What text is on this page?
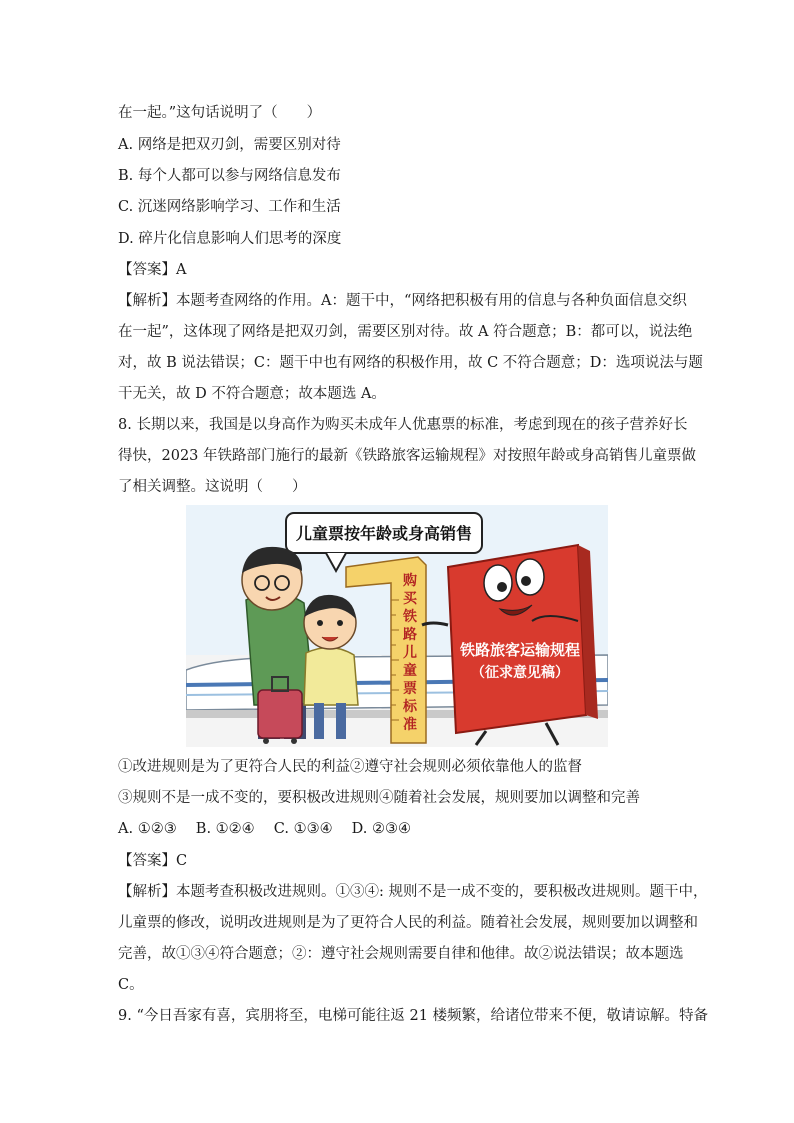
在一起。”这句话说明了（　　）
A. 网络是把双刃剑，需要区别对待
B. 每个人都可以参与网络信息发布
C. 沉迷网络影响学习、工作和生活
D. 碎片化信息影响人们思考的深度
【答案】A
【解析】本题考查网络的作用。A：题干中，“网络把积极有用的信息与各种负面信息交织
在一起”，这体现了网络是把双刃剑，需要区别对待。故 A 符合题意；B：都可以，说法绝
对，故 B 说法错误；C：题干中也有网络的积极作用，故 C 不符合题意；D：选项说法与题
干无关，故 D 不符合题意；故本题选 A。
8. 长期以来，我国是以身高作为购买未成年人优惠票的标准，考虑到现在的孩子营养好长
得快，2023 年铁路部门施行的最新《铁路旅客运输规程》对按照年龄或身高销售儿童票做
了相关调整。这说明（　　）
儿童票按年龄或身高销售
购
买
铁
路
儿
童
票
标
准
铁路旅客运输规程
（征求意见稿）
①改进规则是为了更符合人民的利益②遵守社会规则必须依靠他人的监督
③规则不是一成不变的，要积极改进规则④随着社会发展，规则要加以调整和完善
A. ①②③　 B. ①②④　 C. ①③④　 D. ②③④
【答案】C
【解析】本题考查积极改进规则。①③④: 规则不是一成不变的，要积极改进规则。题干中，
儿童票的修改，说明改进规则是为了更符合人民的利益。随着社会发展，规则要加以调整和
完善，故①③④符合题意；②：遵守社会规则需要自律和他律。故②说法错误；故本题选
C。
9. “今日吾家有喜，宾朋将至，电梯可能往返 21 楼频繁，给诸位带来不便，敬请谅解。特备
